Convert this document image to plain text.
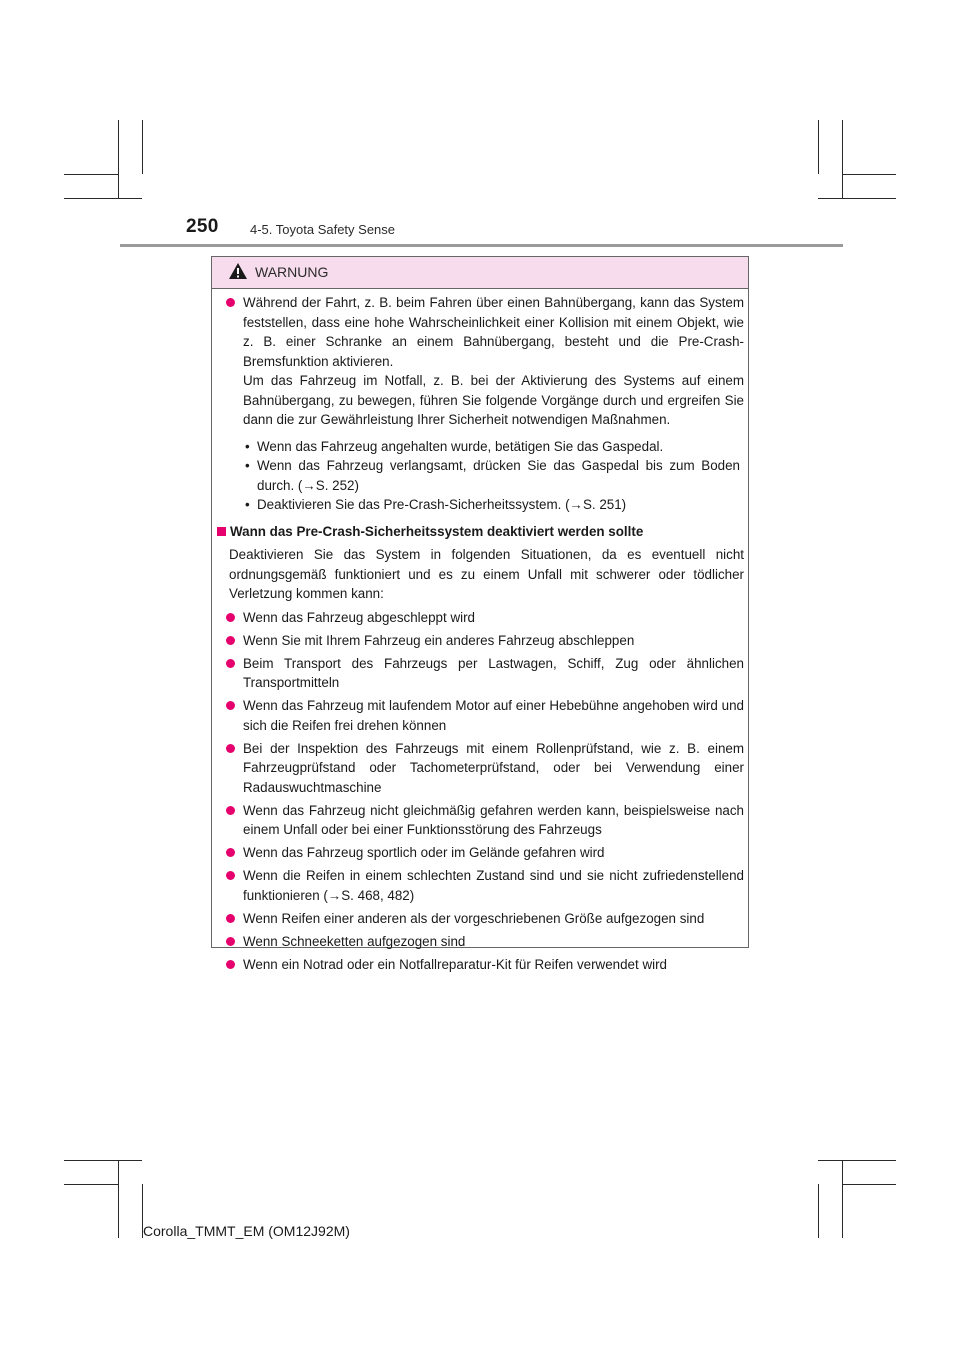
250 4-5. Toyota Safety Sense
WARNUNG

Während der Fahrt, z. B. beim Fahren über einen Bahnübergang, kann das System feststellen, dass eine hohe Wahrscheinlichkeit einer Kollision mit einem Objekt, wie z. B. einer Schranke an einem Bahnübergang, besteht und die Pre-Crash-Bremsfunktion aktivieren.

Um das Fahrzeug im Notfall, z. B. bei der Aktivierung des Systems auf einem Bahnübergang, zu bewegen, führen Sie folgende Vorgänge durch und ergreifen Sie dann die zur Gewährleistung Ihrer Sicherheit notwendigen Maßnahmen.

• Wenn das Fahrzeug angehalten wurde, betätigen Sie das Gaspedal.

• Wenn das Fahrzeug verlangsamt, drücken Sie das Gaspedal bis zum Boden durch. (→S. 252)

• Deaktivieren Sie das Pre-Crash-Sicherheitssystem. (→S. 251)

Wann das Pre-Crash-Sicherheitssystem deaktiviert werden sollte

Deaktivieren Sie das System in folgenden Situationen, da es eventuell nicht ordnungsgemäß funktioniert und es zu einem Unfall mit schwerer oder tödlicher Verletzung kommen kann:

Wenn das Fahrzeug abgeschleppt wird

Wenn Sie mit Ihrem Fahrzeug ein anderes Fahrzeug abschleppen

Beim Transport des Fahrzeugs per Lastwagen, Schiff, Zug oder ähnlichen Transportmitteln

Wenn das Fahrzeug mit laufendem Motor auf einer Hebebühne angehoben wird und sich die Reifen frei drehen können

Bei der Inspektion des Fahrzeugs mit einem Rollenprüfstand, wie z. B. einem Fahrzeugprüfstand oder Tachometerprüfstand, oder bei Verwendung einer Radauswuchtmaschine

Wenn das Fahrzeug nicht gleichmäßig gefahren werden kann, beispielsweise nach einem Unfall oder bei einer Funktionsstörung des Fahrzeugs

Wenn das Fahrzeug sportlich oder im Gelände gefahren wird

Wenn die Reifen in einem schlechten Zustand sind und sie nicht zufriedenstellend funktionieren (→S. 468, 482)

Wenn Reifen einer anderen als der vorgeschriebenen Größe aufgezogen sind

Wenn Schneeketten aufgezogen sind

Wenn ein Notrad oder ein Notfallreparatur-Kit für Reifen verwendet wird

Corolla_TMMT_EM (OM12J92M)
